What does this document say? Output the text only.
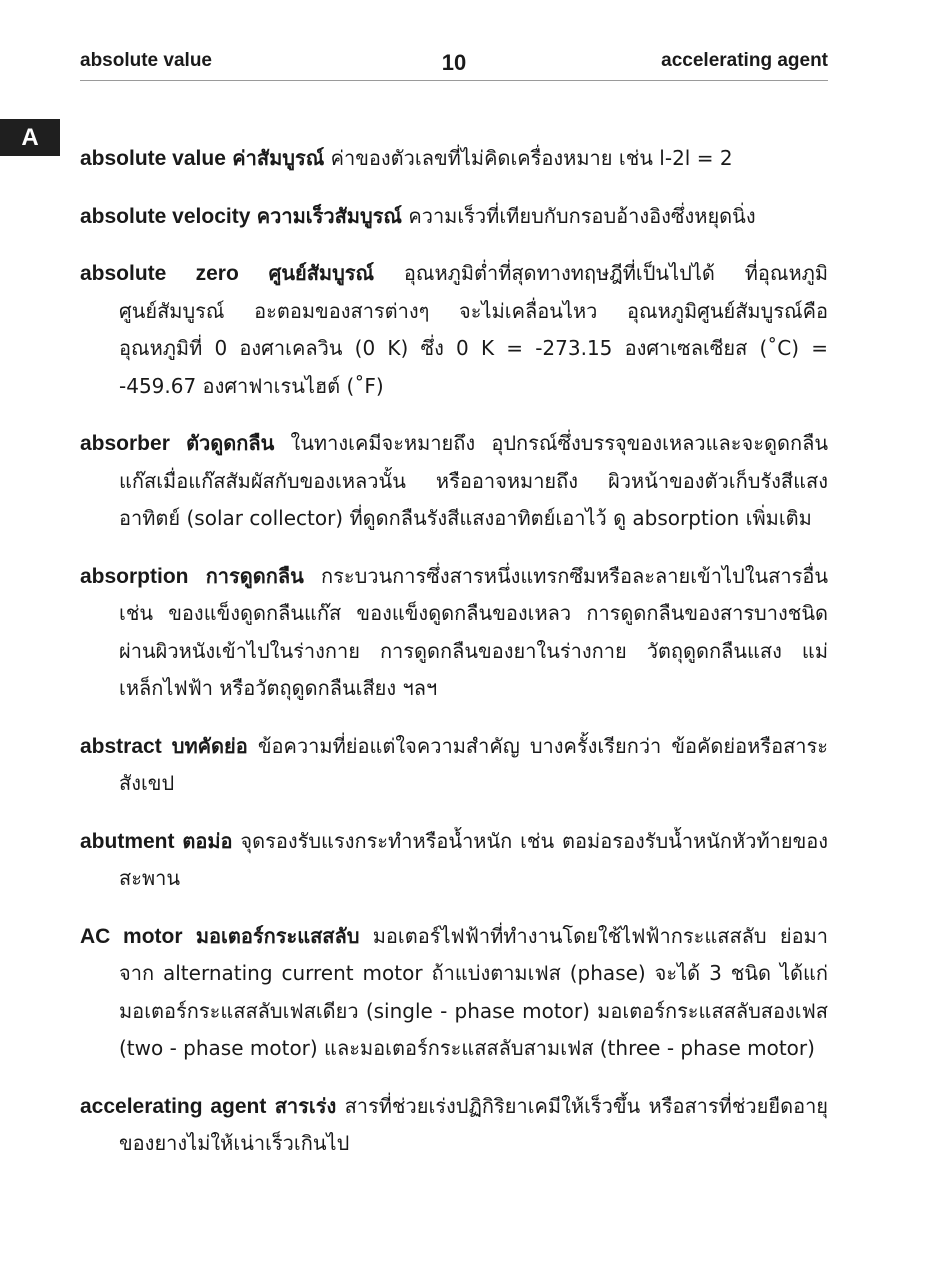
absolute value	10	accelerating agent
A

absolute value ค่าสัมบูรณ์ ค่าของตัวเลขที่ไม่คิดเครื่องหมาย เช่น l-2l = 2

absolute velocity ความเร็วสัมบูรณ์ ความเร็วที่เทียบกับกรอบอ้างอิงซึ่งหยุดนิ่ง

absolute zero ศูนย์สัมบูรณ์ อุณหภูมิต่ำที่สุดทางทฤษฎีที่เป็นไปได้ ที่อุณหภูมิศูนย์สัมบูรณ์ อะตอมของสารต่างๆ จะไม่เคลื่อนไหว อุณหภูมิศูนย์สัมบูรณ์คือ อุณหภูมิที่ 0 องศาเคลวิน (0 K) ซึ่ง 0 K = -273.15 องศาเซลเซียส (˚C) = -459.67 องศาฟาเรนไฮต์ (˚F)

absorber ตัวดูดกลืน ในทางเคมีจะหมายถึง อุปกรณ์ซึ่งบรรจุของเหลวและจะดูดกลืนแก๊สเมื่อแก๊สสัมผัสกับของเหลวนั้น หรืออาจหมายถึง ผิวหน้าของตัวเก็บรังสีแสงอาทิตย์ (solar collector) ที่ดูดกลืนรังสีแสงอาทิตย์เอาไว้ ดู absorption เพิ่มเติม

absorption การดูดกลืน กระบวนการซึ่งสารหนึ่งแทรกซึมหรือละลายเข้าไปในสารอื่น เช่น ของแข็งดูดกลืนแก๊ส ของแข็งดูดกลืนของเหลว การดูดกลืนของสารบางชนิดผ่านผิวหนังเข้าไปในร่างกาย การดูดกลืนของยาในร่างกาย วัตถุดูดกลืนแสง แม่เหล็กไฟฟ้า หรือวัตถุดูดกลืนเสียง ฯลฯ

abstract บทคัดย่อ ข้อความที่ย่อแต่ใจความสำคัญ บางครั้งเรียกว่า ข้อคัดย่อหรือสาระสังเขป

abutment ตอม่อ จุดรองรับแรงกระทำหรือน้ำหนัก เช่น ตอม่อรองรับน้ำหนักหัวท้ายของสะพาน

AC motor มอเตอร์กระแสสลับ มอเตอร์ไฟฟ้าที่ทำงานโดยใช้ไฟฟ้ากระแสสลับ ย่อมาจาก alternating current motor ถ้าแบ่งตามเฟส (phase) จะได้ 3 ชนิด ได้แก่ มอเตอร์กระแสสลับเฟสเดียว (single - phase motor) มอเตอร์กระแสสลับสองเฟส (two - phase motor) และมอเตอร์กระแสสลับสามเฟส (three - phase motor)

accelerating agent สารเร่ง สารที่ช่วยเร่งปฏิกิริยาเคมีให้เร็วขึ้น หรือสารที่ช่วยยืดอายุของยางไม่ให้เน่าเร็วเกินไป
